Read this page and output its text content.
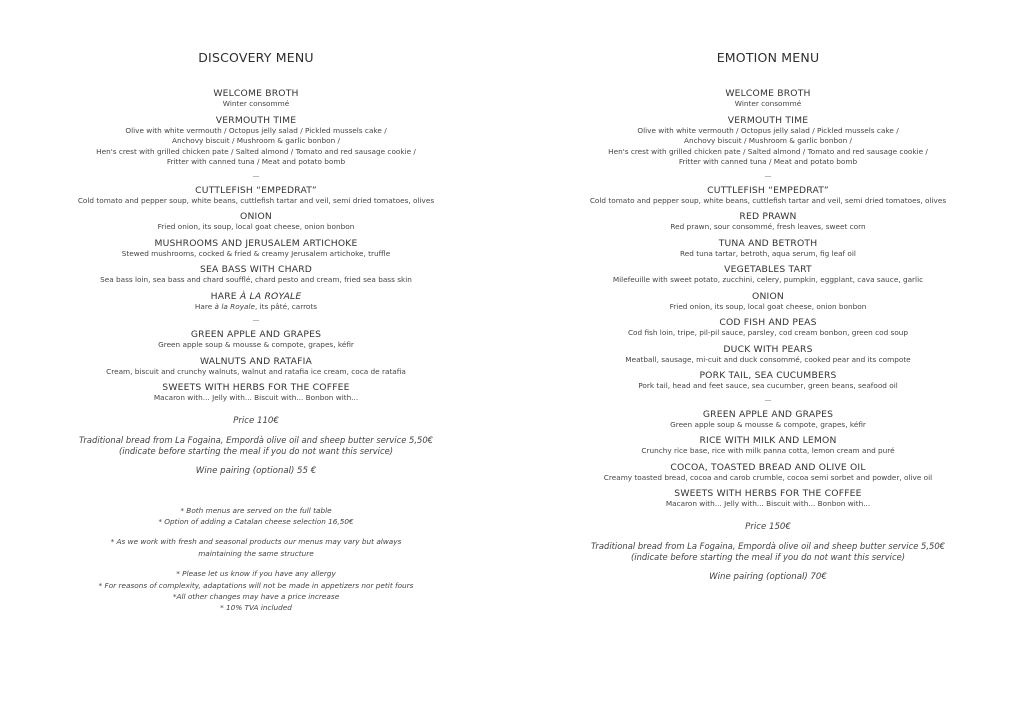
DISCOVERY MENU
WELCOME BROTH
Winter consommé
VERMOUTH TIME
Olive with white vermouth / Octopus jelly salad / Pickled mussels cake /
Anchovy biscuit / Mushroom & garlic bonbon /
Hen's crest with grilled chicken pate / Salted almond / Tomato and red sausage cookie /
Fritter with canned tuna / Meat and potato bomb
—
CUTTLEFISH “EMPEDRAT”
Cold tomato and pepper soup, white beans, cuttlefish tartar and veil, semi dried tomatoes, olives
ONION
Fried onion, its soup, local goat cheese, onion bonbon
MUSHROOMS AND JERUSALEM ARTICHOKE
Stewed mushrooms, cocked & fried & creamy Jerusalem artichoke, truffle
SEA BASS WITH CHARD
Sea bass loin, sea bass and chard soufflé, chard pesto and cream, fried sea bass skin
HARE À LA ROYALE
Hare à la Royale, its pâté, carrots
—
GREEN APPLE AND GRAPES
Green apple soup & mousse & compote, grapes, kéfir
WALNUTS AND RATAFIA
Cream, biscuit and crunchy walnuts, walnut and ratafia ice cream, coca de ratafia
SWEETS WITH HERBS FOR THE COFFEE
Macaron with... Jelly with... Biscuit with... Bonbon with...
Price 110€
Traditional bread from La Fogaina, Empordà olive oil and sheep butter service 5,50€
(indicate before starting the meal if you do not want this service)
Wine pairing (optional) 55 €
* Both menus are served on the full table
* Option of adding a Catalan cheese selection 16,50€
* As we work with fresh and seasonal products our menus may vary but always
maintaining the same structure
* Please let us know if you have any allergy
* For reasons of complexity, adaptations will not be made in appetizers nor petit fours
*All other changes may have a price increase
* 10% TVA included
EMOTION MENU
WELCOME BROTH
Winter consommé
VERMOUTH TIME
Olive with white vermouth / Octopus jelly salad / Pickled mussels cake /
Anchovy biscuit / Mushroom & garlic bonbon /
Hen's crest with grilled chicken pate / Salted almond / Tomato and red sausage cookie /
Fritter with canned tuna / Meat and potato bomb
—
CUTTLEFISH “EMPEDRAT”
Cold tomato and pepper soup, white beans, cuttlefish tartar and veil, semi dried tomatoes, olives
RED PRAWN
Red prawn, sour consommé, fresh leaves, sweet corn
TUNA AND BETROTH
Red tuna tartar, betroth, aqua serum, fig leaf oil
VEGETABLES TART
Milefeuille with sweet potato, zucchini, celery, pumpkin, eggplant, cava sauce, garlic
ONION
Fried onion, its soup, local goat cheese, onion bonbon
COD FISH AND PEAS
Cod fish loin, tripe, pil-pil sauce, parsley, cod cream bonbon, green cod soup
DUCK WITH PEARS
Meatball, sausage, mi-cuit and duck consommé, cooked pear and its compote
PORK TAIL, SEA CUCUMBERS
Pork tail, head and feet sauce, sea cucumber, green beans, seafood oil
—
GREEN APPLE AND GRAPES
Green apple soup & mousse & compote, grapes, kéfir
RICE WITH MILK AND LEMON
Crunchy rice base, rice with milk panna cotta, lemon cream and puré
COCOA, TOASTED BREAD AND OLIVE OIL
Creamy toasted bread, cocoa and carob crumble, cocoa semi sorbet and powder, olive oil
SWEETS WITH HERBS FOR THE COFFEE
Macaron with... Jelly with... Biscuit with... Bonbon with...
Price 150€
Traditional bread from La Fogaina, Empordà olive oil and sheep butter service 5,50€
(indicate before starting the meal if you do not want this service)
Wine pairing (optional) 70€
